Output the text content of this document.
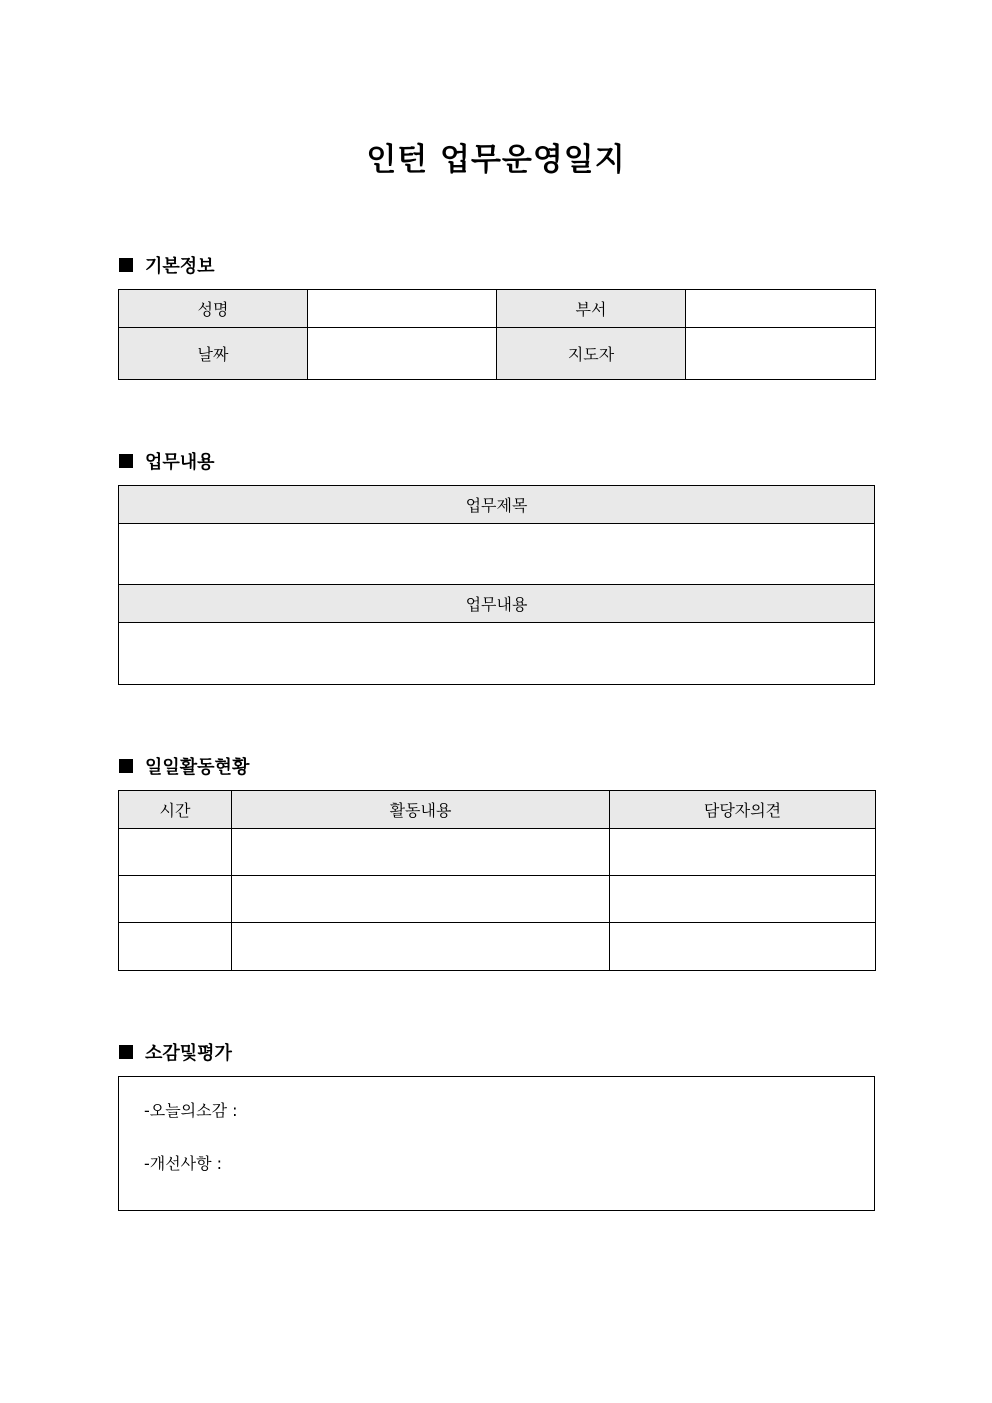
인턴 업무운영일지
기본정보
성명		부서	
날짜		지도자	
업무내용
업무제목

업무내용

일일활동현황
시간	활동내용	담당자의견

소감및평가
-오늘의소감 :
-개선사항 :
